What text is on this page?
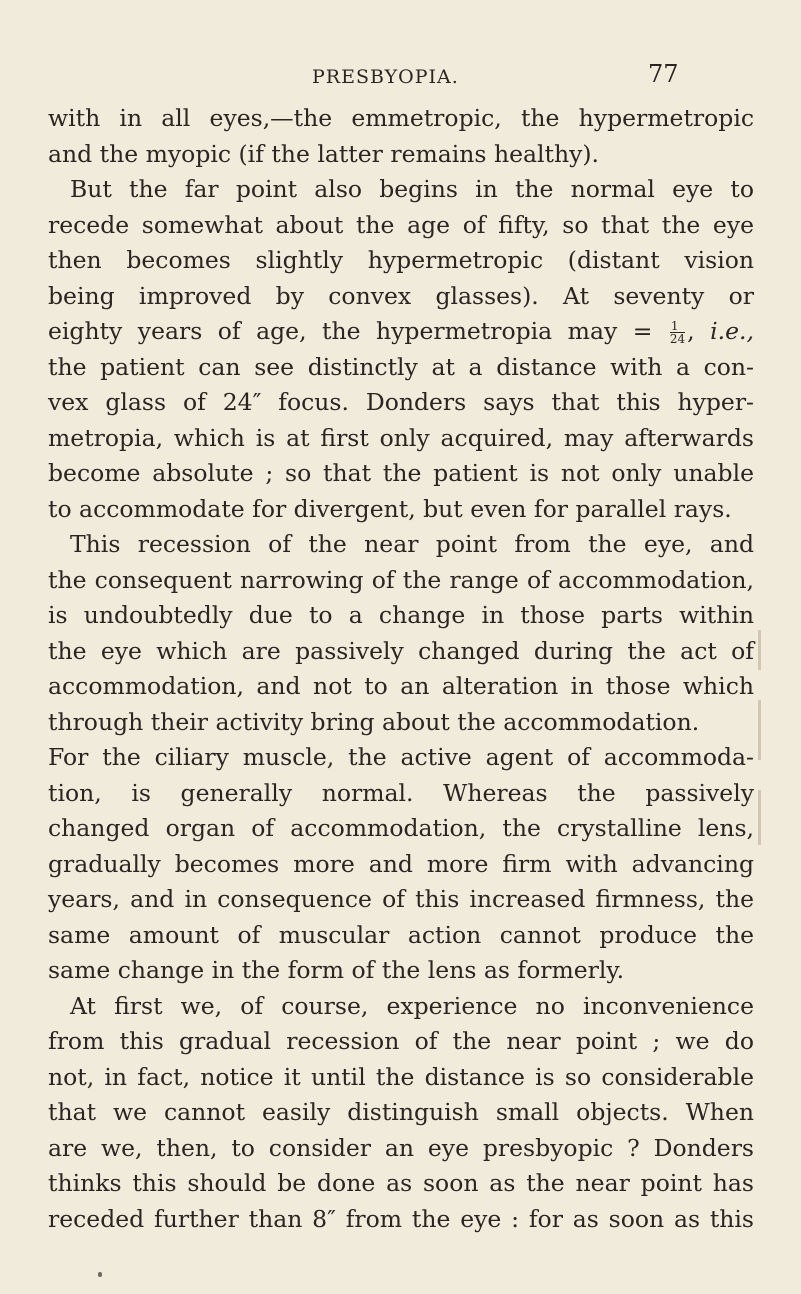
PRESBYOPIA.	77
with in all eyes,—the emmetropic, the hypermetropic
and the myopic (if the latter remains healthy).
But the far point also begins in the normal eye to
recede somewhat about the age of fifty, so that the eye
then becomes slightly hypermetropic (distant vision
being improved by convex glasses). At seventy or
eighty years of age, the hypermetropia may = $\frac{1}{24}$ , i.e.,
the patient can see distinctly at a distance with a con-
vex glass of 24″ focus. Donders says that this hyper-
metropia, which is at first only acquired, may afterwards
become absolute ; so that the patient is not only unable
to accommodate for divergent, but even for parallel rays.
This recession of the near point from the eye, and
the consequent narrowing of the range of accommodation,
is undoubtedly due to a change in those parts within
the eye which are passively changed during the act of
accommodation, and not to an alteration in those which
through their activity bring about the accommodation.
For the ciliary muscle, the active agent of accommoda-
tion, is generally normal. Whereas the passively
changed organ of accommodation, the crystalline lens,
gradually becomes more and more firm with advancing
years, and in consequence of this increased firmness, the
same amount of muscular action cannot produce the
same change in the form of the lens as formerly.
At first we, of course, experience no inconvenience
from this gradual recession of the near point ; we do
not, in fact, notice it until the distance is so considerable
that we cannot easily distinguish small objects. When
are we, then, to consider an eye presbyopic ? Donders
thinks this should be done as soon as the near point has
receded further than 8″ from the eye : for as soon as this
